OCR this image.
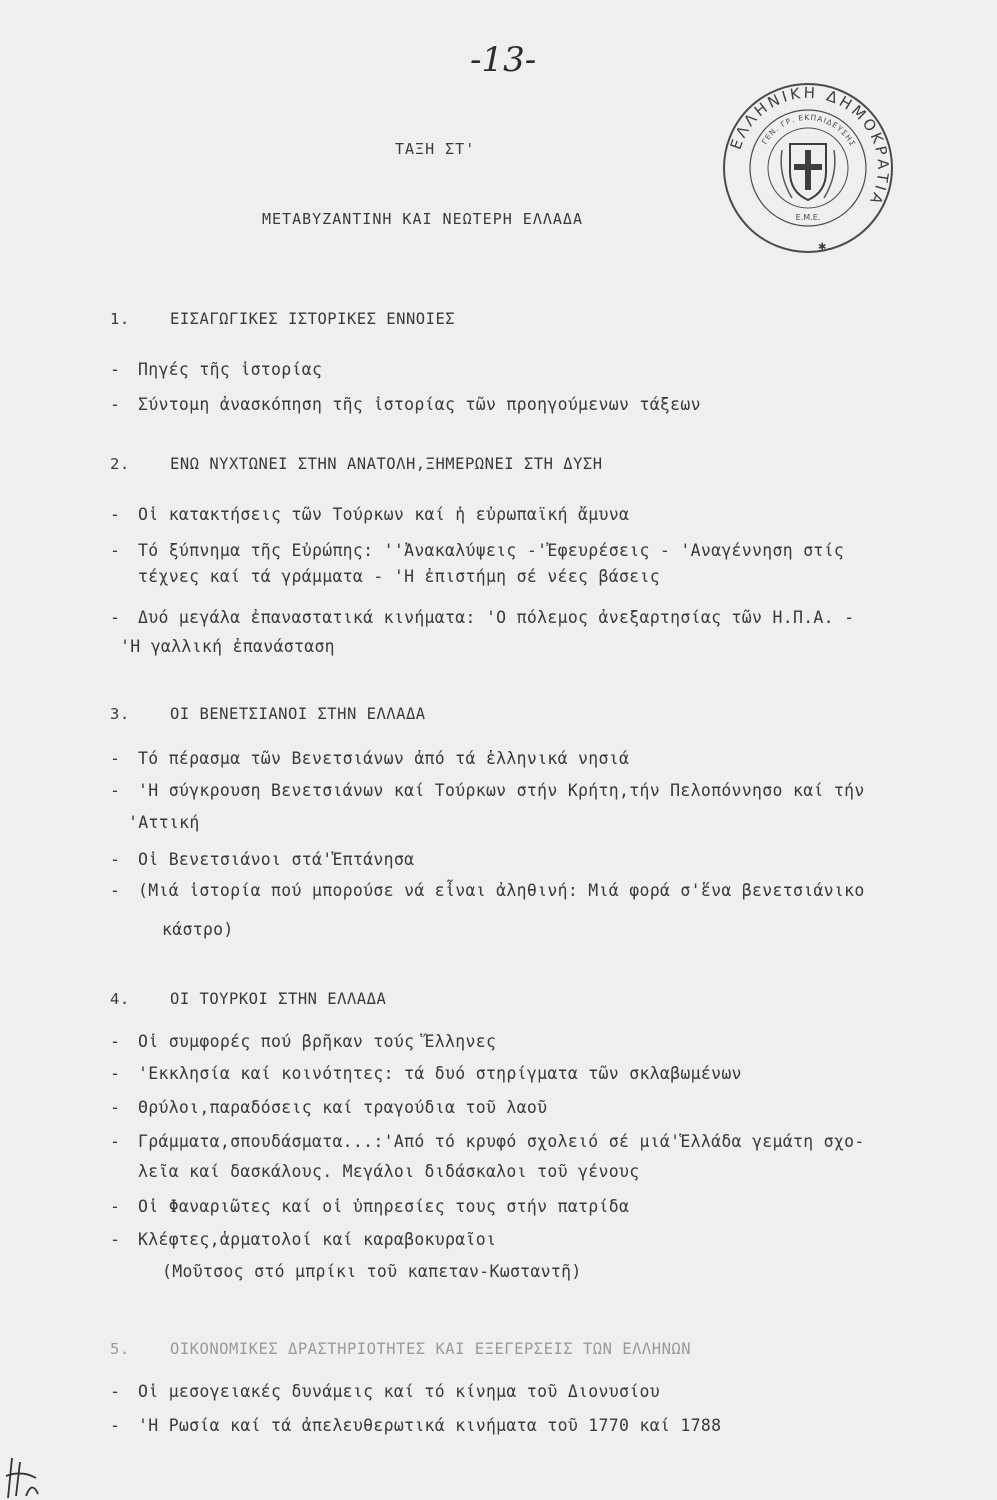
-13-
ΕΛΛΗΝΙΚΗ ΔΗΜΟΚΡΑΤΙΑ
ΓΕΝ. ΓΡ. ΕΚΠΑΙΔΕΥΣΗΣ
Ε.Μ.Ε.
✱
ΤΑΞΗ ΣΤ'
ΜΕΤΑΒΥΖΑΝΤΙΝΗ ΚΑΙ ΝΕΩΤΕΡΗ ΕΛΛΑΔΑ
1.	ΕΙΣΑΓΩΓΙΚΕΣ ΙΣΤΟΡΙΚΕΣ ΕΝΝΟΙΕΣ
- Πηγές τῆς ἱστορίας
- Σύντομη ἀνασκόπηση τῆς ἱστορίας τῶν προηγούμενων τάξεων
2.	ΕΝΩ ΝΥΧΤΩΝΕΙ ΣΤΗΝ ΑΝΑΤΟΛΗ,ΞΗΜΕΡΩΝΕΙ ΣΤΗ ΔΥΣΗ
- Οἱ κατακτήσεις τῶν Τούρκων καί ἡ εὐρωπαϊκή ἄμυνα
- Τό ξύπνημα τῆς Εὐρώπης: ''Ἀνακαλύψεις -'Ἐφευρέσεις - 'Αναγέννηση στίς
τέχνες καί τά γράμματα - 'Η ἐπιστήμη σέ νέες βάσεις
- Δυό μεγάλα ἐπαναστατικά κινήματα: 'Ο πόλεμος ἀνεξαρτησίας τῶν Η.Π.Α. -
'Η γαλλική ἐπανάσταση
3.	ΟΙ ΒΕΝΕΤΣΙΑΝΟΙ ΣΤΗΝ ΕΛΛΑΔΑ
- Τό πέρασμα τῶν Βενετσιάνων ἀπό τά ἑλληνικά νησιά
- 'Η σύγκρουση Βενετσιάνων καί Τούρκων στήν Κρήτη,τήν Πελοπόννησο καί τήν
'Αττική
- Οἱ Βενετσιάνοι στά'Ἑπτάνησα
- (Μιά ἱστορία πού μπορούσε νά εἶναι ἀληθινή: Μιά φορά σ'ἕνα βενετσιάνικο
κάστρο)
4.	ΟΙ ΤΟΥΡΚΟΙ ΣΤΗΝ ΕΛΛΑΔΑ
- Οἱ συμφορές πού βρῆκαν τούς Ἕλληνες
- 'Εκκλησία καί κοινότητες: τά δυό στηρίγματα τῶν σκλαβωμένων
- Θρύλοι,παραδόσεις καί τραγούδια τοῦ λαοῦ
- Γράμματα,σπουδάσματα...:'Από τό κρυφό σχολειό σέ μιά'Ἑλλάδα γεμάτη σχο-
λεῖα καί δασκάλους. Μεγάλοι διδάσκαλοι τοῦ γένους
- Οἱ Φαναριῶτες καί οἱ ὑπηρεσίες τους στήν πατρίδα
- Κλέφτες,ἁρματολοί καί καραβοκυραῖοι
(Μοῦτσος στό μπρίκι τοῦ καπεταν-Κωσταντῆ)
5.	ΟΙΚΟΝΟΜΙΚΕΣ ΔΡΑΣΤΗΡΙΟΤΗΤΕΣ ΚΑΙ ΕΞΕΓΕΡΣΕΙΣ ΤΩΝ ΕΛΛΗΝΩΝ
- Οἱ μεσογειακές δυνάμεις καί τό κίνημα τοῦ Διονυσίου
- 'Η Ρωσία καί τά ἀπελευθερωτικά κινήματα τοῦ 1770 καί 1788
